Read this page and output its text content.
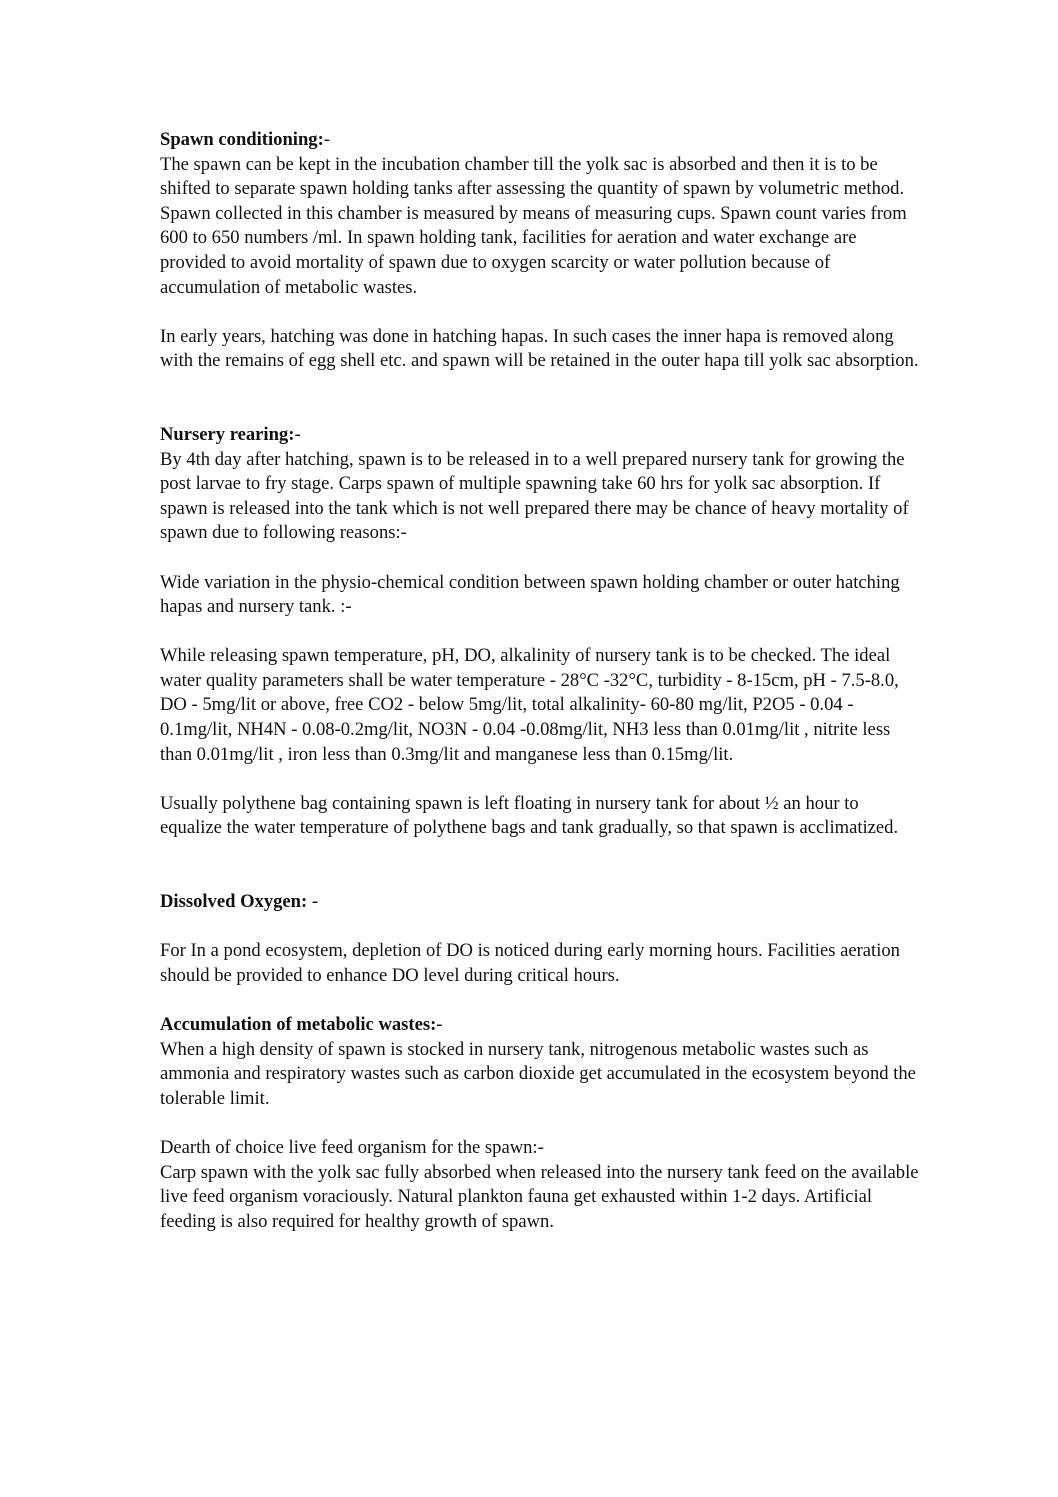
Spawn conditioning:-

The spawn can be kept in the incubation chamber till the yolk sac is absorbed and then it is to be shifted to separate spawn holding tanks after assessing the quantity of spawn by volumetric method. Spawn collected in this chamber is measured by means of measuring cups. Spawn count varies from 600 to 650 numbers /ml. In spawn holding tank, facilities for aeration and water exchange are provided to avoid mortality of spawn due to oxygen scarcity or water pollution because of accumulation of metabolic wastes.

In early years, hatching was done in hatching hapas. In such cases the inner hapa is removed along with the remains of egg shell etc. and spawn will be retained in the outer hapa till yolk sac absorption.

Nursery rearing:-

By 4th day after hatching, spawn is to be released in to a well prepared nursery tank for growing the post larvae to fry stage. Carps spawn of multiple spawning take 60 hrs for yolk sac absorption. If spawn is released into the tank which is not well prepared there may be chance of heavy mortality of spawn due to following reasons:-

Wide variation in the physio-chemical condition between spawn holding chamber or outer hatching hapas and nursery tank. :-

While releasing spawn temperature, pH, DO, alkalinity of nursery tank is to be checked. The ideal water quality parameters shall be water temperature - 28°C -32°C, turbidity - 8-15cm, pH - 7.5-8.0, DO - 5mg/lit or above, free CO2 - below 5mg/lit, total alkalinity- 60-80 mg/lit, P2O5 - 0.04 - 0.1mg/lit, NH4N - 0.08-0.2mg/lit, NO3N - 0.04 -0.08mg/lit, NH3 less than 0.01mg/lit , nitrite less than 0.01mg/lit , iron less than 0.3mg/lit and manganese less than 0.15mg/lit.

Usually polythene bag containing spawn is left floating in nursery tank for about ½ an hour to equalize the water temperature of polythene bags and tank gradually, so that spawn is acclimatized.

Dissolved Oxygen: -

For In a pond ecosystem, depletion of DO is noticed during early morning hours. Facilities aeration should be provided to enhance DO level during critical hours.

Accumulation of metabolic wastes:-

When a high density of spawn is stocked in nursery tank, nitrogenous metabolic wastes such as ammonia and respiratory wastes such as carbon dioxide get accumulated in the ecosystem beyond the tolerable limit.

Dearth of choice live feed organism for the spawn:-

Carp spawn with the yolk sac fully absorbed when released into the nursery tank feed on the available live feed organism voraciously. Natural plankton fauna get exhausted within 1-2 days. Artificial feeding is also required for healthy growth of spawn.
